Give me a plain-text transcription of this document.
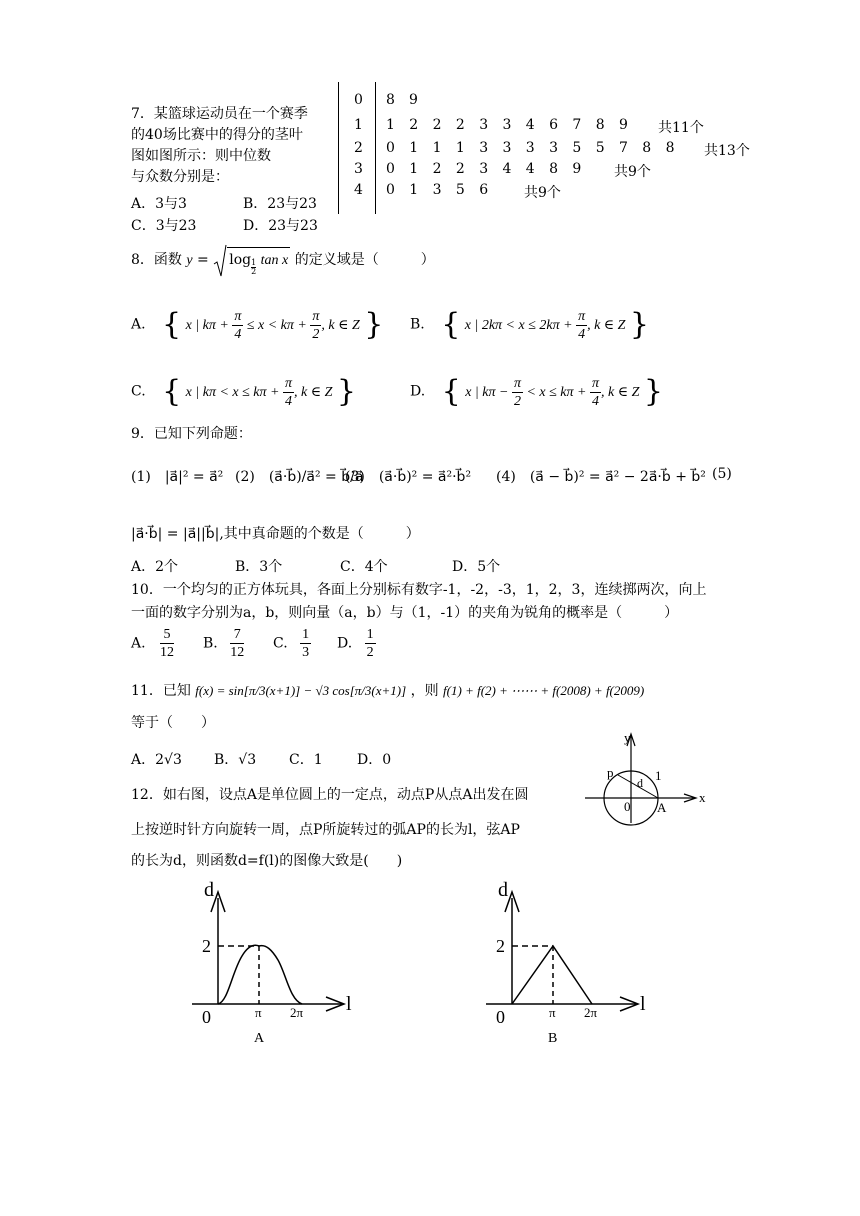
7．某篮球运动员在一个赛季
的40场比赛中的得分的茎叶
图如图所示：则中位数
与众数分别是：
A．3与3	B．23与23
C．3与23	D．23与23
0 8 9
1 1 2 2 2 3 3 4 6 7 8 9 共11个
2 0 1 1 1 3 3 3 3 5 5 7 8 8 共13个
3 0 1 2 2 3 4 4 8 9 共9个
4 0 1 3 5 6	共9个
8．函数 $y = \log \frac{1}{2}$ tan x 的定义域是（　　　）
A. { x | $k\pi + \frac{\pi}{4} \le x < k\pi + \frac{\pi}{2}$ , k ∈ Z } B. { x | $2k\pi < x \le 2k\pi + \frac{\pi}{4}$ , k ∈ Z }
C. { x | $k\pi < x \le k\pi + \frac{\pi}{4}$ , k ∈ Z }	D. { x | $k\pi - \frac{\pi}{2} < x \le k\pi + \frac{\pi}{4}$ , k ∈ Z }
9．已知下列命题：
(1)　|a⃗|² = a⃗² (2)　(a⃗·b⃗)/a⃗² = b⃗/a⃗
(3)　(a⃗·b⃗)² = a⃗²·b⃗² (4)　(a⃗ − b⃗)² = a⃗² − 2a⃗·b⃗ + b⃗² (5)
|a⃗·b⃗| = |a⃗||b⃗|,其中真命题的个数是（　　　）
A．2个	B．3个	C．4个	D．5个
10．一个均匀的正方体玩具，各面上分别标有数字-1，-2，-3，1，2，3，连续掷两次，向上
一面的数字分别为a，b，则向量（a，b）与（1，-1）的夹角为锐角的概率是（　　　）
A. $\frac{5}{12} B$. $\frac{7}{12} C$. $\frac{1}{3} D$. $\frac{1}{2}$
11．已知 f(x) = sin[π/3(x+1)] − √3 cos[π/3(x+1)] ，则 f(1) + f(2) + ⋯⋯ + f(2008) + f(2009)
等于（　　）
A．2√3 B．√3 C．1 D．0
12．如右图，设点A是单位圆上的一定点，动点P从点A出发在圆
上按逆时针方向旋转一周，点P所旋转过的弧AP的长为l，弦AP
的长为d，则函数d=f(l)的图像大致是(　　)
y
x
p
d 1
0 A
d
2
0	π 2π l
A
d
2
0	π 2π l
B
